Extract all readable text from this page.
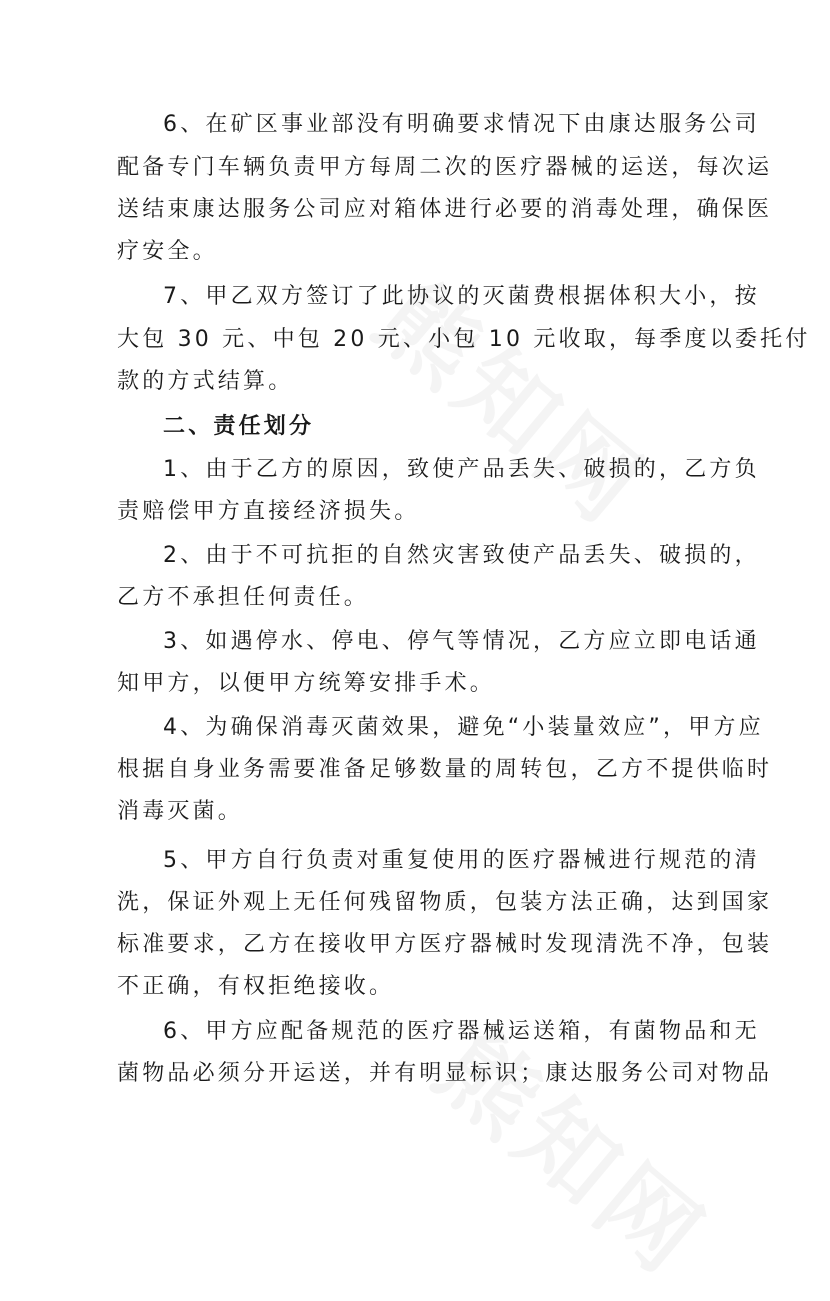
6、在矿区事业部没有明确要求情况下由康达服务公司
配备专门车辆负责甲方每周二次的医疗器械的运送，每次运
送结束康达服务公司应对箱体进行必要的消毒处理，确保医
疗安全。
7、甲乙双方签订了此协议的灭菌费根据体积大小，按
大包 30 元、中包 20 元、小包 10 元收取，每季度以委托付
款的方式结算。
二、责任划分
1、由于乙方的原因，致使产品丢失、破损的，乙方负
责赔偿甲方直接经济损失。
2、由于不可抗拒的自然灾害致使产品丢失、破损的，
乙方不承担任何责任。
3、如遇停水、停电、停气等情况，乙方应立即电话通
知甲方，以便甲方统筹安排手术。
4、为确保消毒灭菌效果，避免“小装量效应”，甲方应
根据自身业务需要准备足够数量的周转包，乙方不提供临时
消毒灭菌。
5、甲方自行负责对重复使用的医疗器械进行规范的清
洗，保证外观上无任何残留物质，包装方法正确，达到国家
标准要求，乙方在接收甲方医疗器械时发现清洗不净，包装
不正确，有权拒绝接收。
6、甲方应配备规范的医疗器械运送箱，有菌物品和无
菌物品必须分开运送，并有明显标识；康达服务公司对物品
